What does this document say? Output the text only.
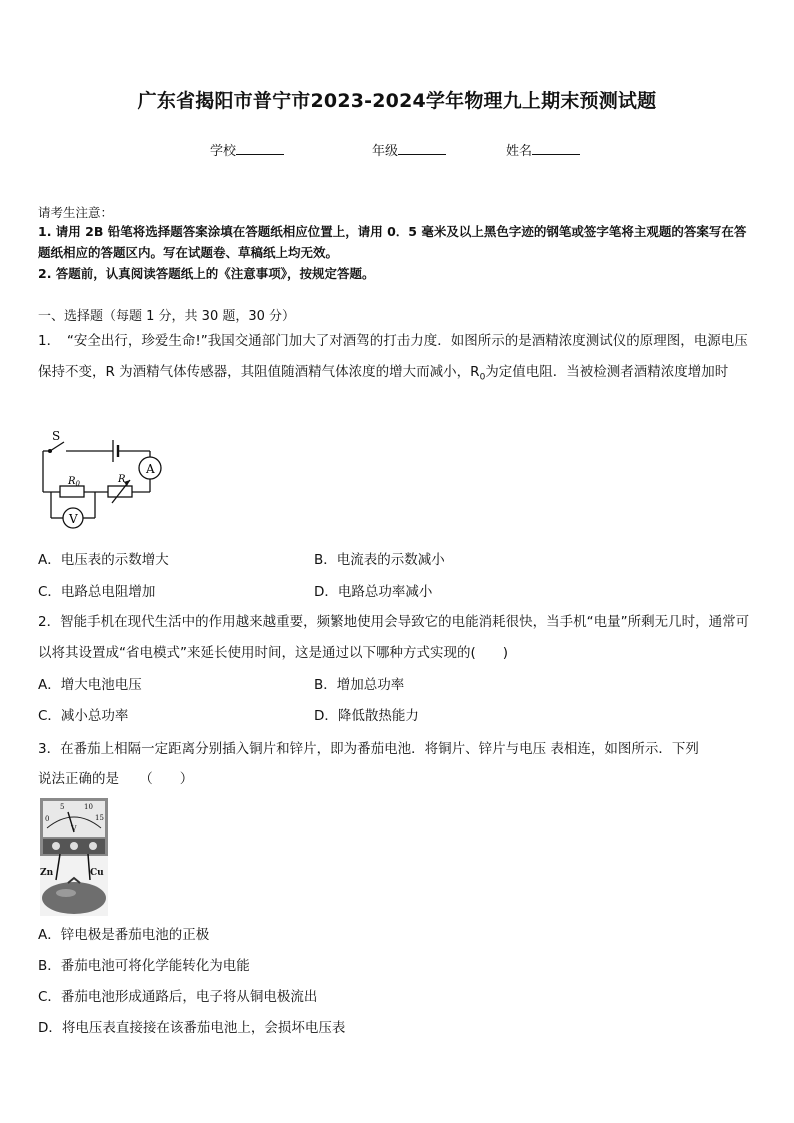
广东省揭阳市普宁市2023-2024学年物理九上期末预测试题
学校	年级	姓名
请考生注意：
1. 请用 2B 铅笔将选择题答案涂填在答题纸相应位置上，请用 0．5 毫米及以上黑色字迹的钢笔或签字笔将主观题的答案写在答题纸相应的答题区内。写在试题卷、草稿纸上均无效。
2. 答题前，认真阅读答题纸上的《注意事项》，按规定答题。
一、选择题（每题 1 分，共 30 题，30 分）
1．　“安全出行，珍爱生命!”我国交通部门加大了对酒驾的打击力度．如图所示的是酒精浓度测试仪的原理图，电源电压保持不变，R 为酒精气体传感器，其阻值随酒精气体浓度的增大而减小，$R_0$为定值电阻．当被检测者酒精浓度增加时
S
A
$R_0$	R
V
A．电压表的示数增大	B．电流表的示数减小
C．电路总电阻增加	D．电路总功率减小
2．智能手机在现代生活中的作用越来越重要，频繁地使用会导致它的电能消耗很快，当手机“电量”所剩无几时，通常可以将其设置成“省电模式”来延长使用时间，这是通过以下哪种方式实现的(　　)
A．增大电池电压	B．增加总功率
C．减小总功率	D．降低散热能力
3．在番茄上相隔一定距离分别插入铜片和锌片，即为番茄电池．将铜片、锌片与电压 表相连，如图所示．下列
说法正确的是　　（　　）
0
5	10
15
V
Zn	Cu
A．锌电极是番茄电池的正极
B．番茄电池可将化学能转化为电能
C．番茄电池形成通路后，电子将从铜电极流出
D．将电压表直接接在该番茄电池上，会损坏电压表
